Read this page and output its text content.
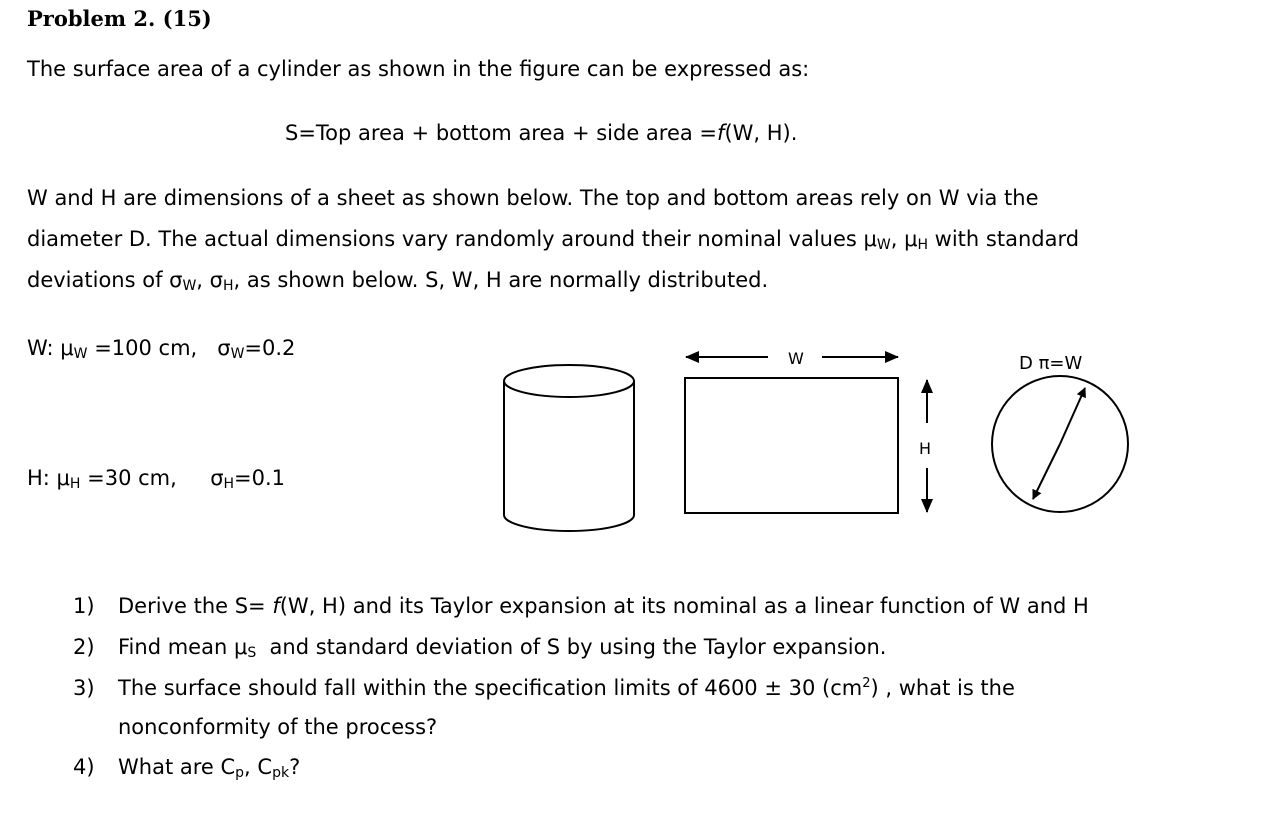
Problem 2. (15)
The surface area of a cylinder as shown in the figure can be expressed as:
S=Top area + bottom area + side area =f(W, H).
W and H are dimensions of a sheet as shown below. The top and bottom areas rely on W via the
diameter D. The actual dimensions vary randomly around their nominal values $\mu_W$, $\mu_H$ with standard
deviations of $\sigma_W$, $\sigma_H$, as shown below. S, W, H are normally distributed.
W: $\mu_W =100$ cm,   $\sigma_W=0.2$
H: $\mu_H =30$ cm,     $\sigma_H=0.1$
W
H
D π=W
1) Derive the S= f(W, H) and its Taylor expansion at its nominal as a linear function of W and H
2) Find mean $\mu_S$  and standard deviation of S by using the Taylor expansion.
3) The surface should fall within the specification limits of 4600 ± 30 $(cm^2)$ , what is the
nonconformity of the process?
4) What are $C_p$, $C_{pk}$?
